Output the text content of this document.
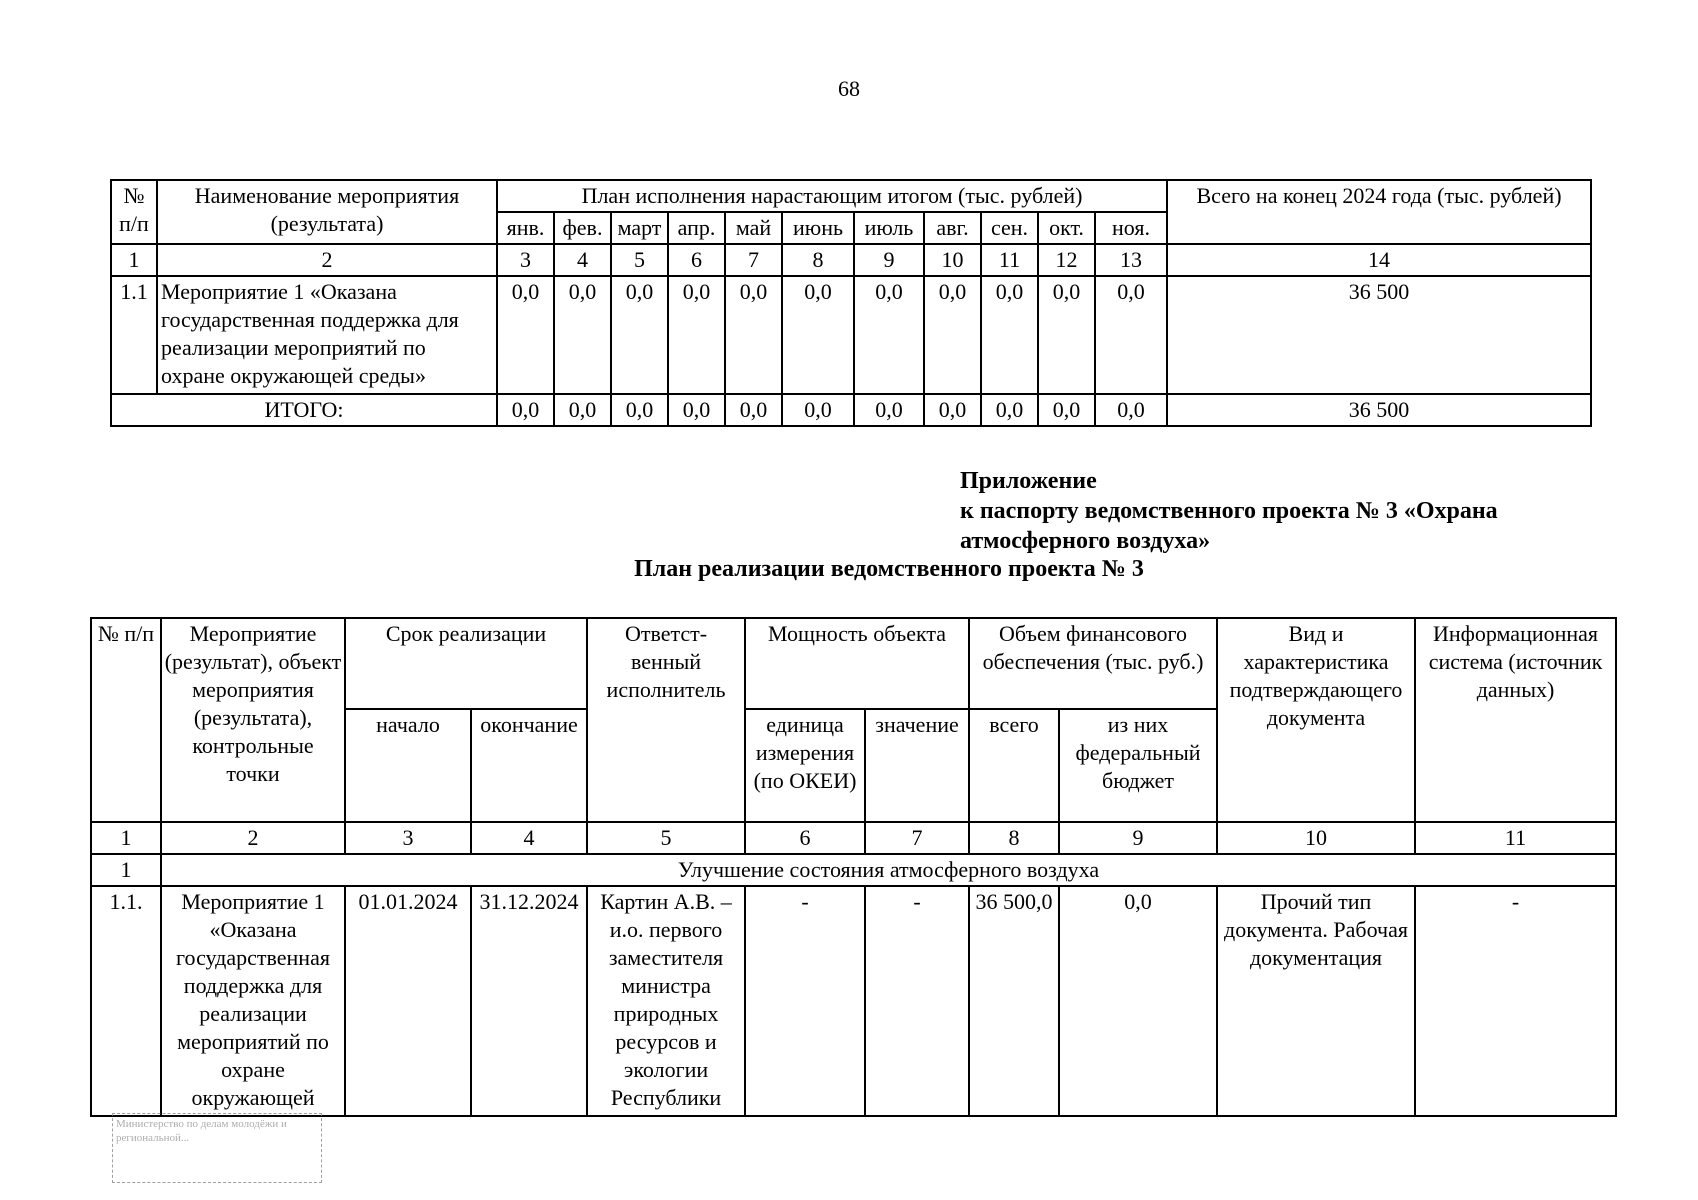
68
№ п/п	Наименование мероприятия (результата)	План исполнения нарастающим итогом (тыс. рублей)											Всего на конец 2024 года (тыс. рублей)
		янв.	фев.	март	апр.	май	июнь	июль	авг.	сен.	окт.	ноя.	
1	2	3	4	5	6	7	8	9	10	11	12	13	14
1.1	Мероприятие 1 «Оказана государственная поддержка для реализации мероприятий по охране окружающей среды»	0,0	0,0	0,0	0,0	0,0	0,0	0,0	0,0	0,0	0,0	0,0	36 500
ИТОГО:		0,0	0,0	0,0	0,0	0,0	0,0	0,0	0,0	0,0	0,0	0,0	36 500
Приложение
к паспорту ведомственного проекта № 3 «Охрана
атмосферного воздуха»
План реализации ведомственного проекта № 3
№ п/п	Мероприятие (результат), объект мероприятия (результата), контрольные точки	Срок реализации		Ответст-венный исполнитель	Мощность объекта		Объем финансового обеспечения (тыс. руб.)		Вид и характеристика подтверждающего документа	Информационная система (источник данных)
		начало	окончание		единица измерения (по ОКЕИ)	значение	всего	из них федеральный бюджет		
1	2	3	4	5	6	7	8	9	10	11
1	Улучшение состояния атмосферного воздуха									
1.1.	Мероприятие 1 «Оказана государственная поддержка для реализации мероприятий по охране окружающей	01.01.2024	31.12.2024	Картин А.В. – и.о. первого заместителя министра природных ресурсов и экологии Республики	-	-	36 500,0	0,0	Прочий тип документа. Рабочая документация	-
Министерство по делам молодёжи и региональной...
